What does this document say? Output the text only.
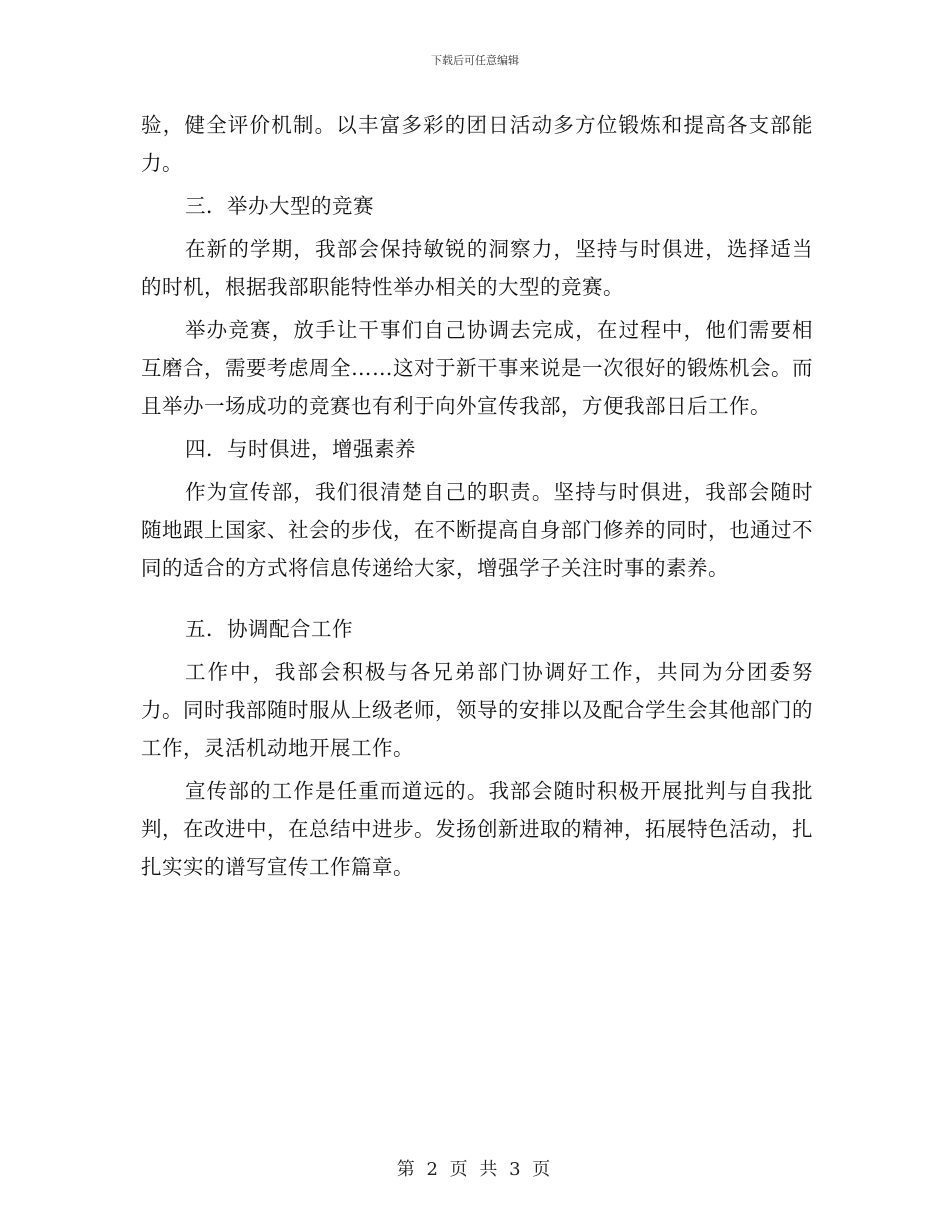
下载后可任意编辑

验，健全评价机制。以丰富多彩的团日活动多方位锻炼和提高各支部能力。

三．举办大型的竞赛

在新的学期，我部会保持敏锐的洞察力，坚持与时俱进，选择适当的时机，根据我部职能特性举办相关的大型的竞赛。

举办竞赛，放手让干事们自己协调去完成，在过程中，他们需要相互磨合，需要考虑周全……这对于新干事来说是一次很好的锻炼机会。而且举办一场成功的竞赛也有利于向外宣传我部，方便我部日后工作。

四．与时俱进，增强素养

作为宣传部，我们很清楚自己的职责。坚持与时俱进，我部会随时随地跟上国家、社会的步伐，在不断提高自身部门修养的同时，也通过不同的适合的方式将信息传递给大家，增强学子关注时事的素养。

五．协调配合工作

工作中，我部会积极与各兄弟部门协调好工作，共同为分团委努力。同时我部随时服从上级老师，领导的安排以及配合学生会其他部门的工作，灵活机动地开展工作。

宣传部的工作是任重而道远的。我部会随时积极开展批判与自我批判，在改进中，在总结中进步。发扬创新进取的精神，拓展特色活动，扎扎实实的谱写宣传工作篇章。

第 2 页 共 3 页
